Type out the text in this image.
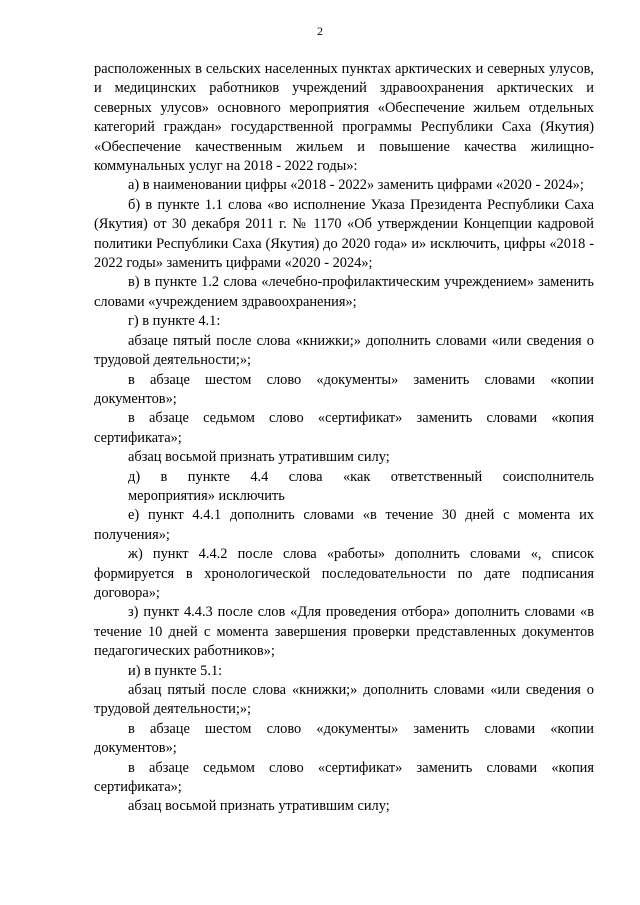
2

расположенных в сельских населенных пунктах арктических и северных улусов, и медицинских работников учреждений здравоохранения арктических и северных улусов» основного мероприятия «Обеспечение жильем отдельных категорий граждан» государственной программы Республики Саха (Якутия) «Обеспечение качественным жильем и повышение качества жилищно-коммунальных услуг на 2018 - 2022 годы»:

а) в наименовании цифры «2018 - 2022» заменить цифрами «2020 - 2024»;

б) в пункте 1.1 слова «во исполнение Указа Президента Республики Саха (Якутия) от 30 декабря 2011 г. № 1170 «Об утверждении Концепции кадровой политики Республики Саха (Якутия) до 2020 года» и» исключить, цифры «2018 - 2022 годы» заменить цифрами «2020 - 2024»;

в) в пункте 1.2 слова «лечебно-профилактическим учреждением» заменить словами «учреждением здравоохранения»;

г) в пункте 4.1:

абзаце пятый после слова «книжки;» дополнить словами «или сведения о трудовой деятельности;»;

в абзаце шестом слово «документы» заменить словами «копии документов»;

в абзаце седьмом слово «сертификат» заменить словами «копия сертификата»;

абзац восьмой признать утратившим силу;

д) в пункте 4.4 слова «как ответственный соисполнитель

мероприятия» исключить

е) пункт 4.4.1 дополнить словами «в течение 30 дней с момента их получения»;

ж) пункт 4.4.2 после слова «работы» дополнить словами «, список формируется в хронологической последовательности по дате подписания договора»;

з) пункт 4.4.3 после слов «Для проведения отбора» дополнить словами «в течение 10 дней с момента завершения проверки представленных документов педагогических работников»;

и) в пункте 5.1:

абзац пятый после слова «книжки;» дополнить словами «или сведения о трудовой деятельности;»;

в абзаце шестом слово «документы» заменить словами «копии документов»;

в абзаце седьмом слово «сертификат» заменить словами «копия сертификата»;

абзац восьмой признать утратившим силу;
